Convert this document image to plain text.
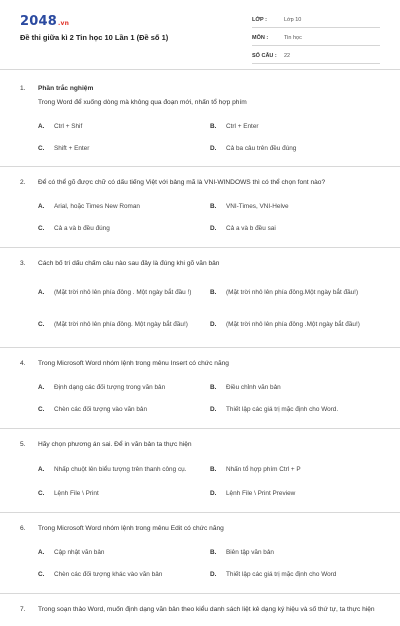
2048.vn
Đề thi giữa kì 2 Tin học 10 Lần 1 (Đề số 1)
LỚP :	Lớp 10
MÔN :	Tin học
SỐ CÂU : 22
1.	Phần trắc nghiệm
Trong Word để xuống dòng mà không qua đoạn mới, nhấn tổ hợp phím
A.	Ctrl + Shif	B.	Ctrl + Enter
C.	Shift + Enter	D.	Cả ba câu trên đều đúng
2.	Để có thể gõ được chữ có dấu tiếng Việt với bảng mã là VNI-WINDOWS thì có thể chọn font nào?
A.	Arial, hoặc Times New Roman	B.	VNI-Times, VNI-Helve
C.	Cả a và b đều đúng	D.	Cả a và b đều sai
3.	Cách bố trí dấu chấm câu nào sau đây là đúng khi gõ văn bản
A.	(Mặt trời nhô lên phía đông . Một ngày bắt đầu !)	B.	(Mặt trời nhô lên phía đông.Một ngày bắt đầu!)
C.	(Mặt trời nhô lên phía đông. Một ngày bắt đầu!)	D.	(Mặt trời nhô lên phía đông .Một ngày bắt đầu!)
4.	Trong Microsoft Word nhóm lệnh trong mênu Insert có chức năng
A.	Định dạng các đối tượng trong văn bản	B.	Điều chỉnh văn bản
C.	Chèn các đối tượng vào văn bản	D.	Thiết lập các giá trị mặc định cho Word.
5.	Hãy chọn phương án sai. Để in văn bản ta thực hiện
A.	Nhấp chuột lên biểu tượng trên thanh công cụ.	B.	Nhấn tổ hợp phím Ctrl + P
C.	Lệnh File \ Print	D.	Lệnh File \ Print Preview
6.	Trong Microsoft Word nhóm lệnh trong mênu Edit có chức năng
A.	Cập nhật văn bản	B.	Biên tập văn bản
C.	Chèn các đối tượng khác vào văn bản	D.	Thiết lập các giá trị mặc định cho Word
7.	Trong soạn thảo Word, muốn định dạng văn bản theo kiểu danh sách liệt kê dạng ký hiệu và số thứ tự, ta thực hiện
